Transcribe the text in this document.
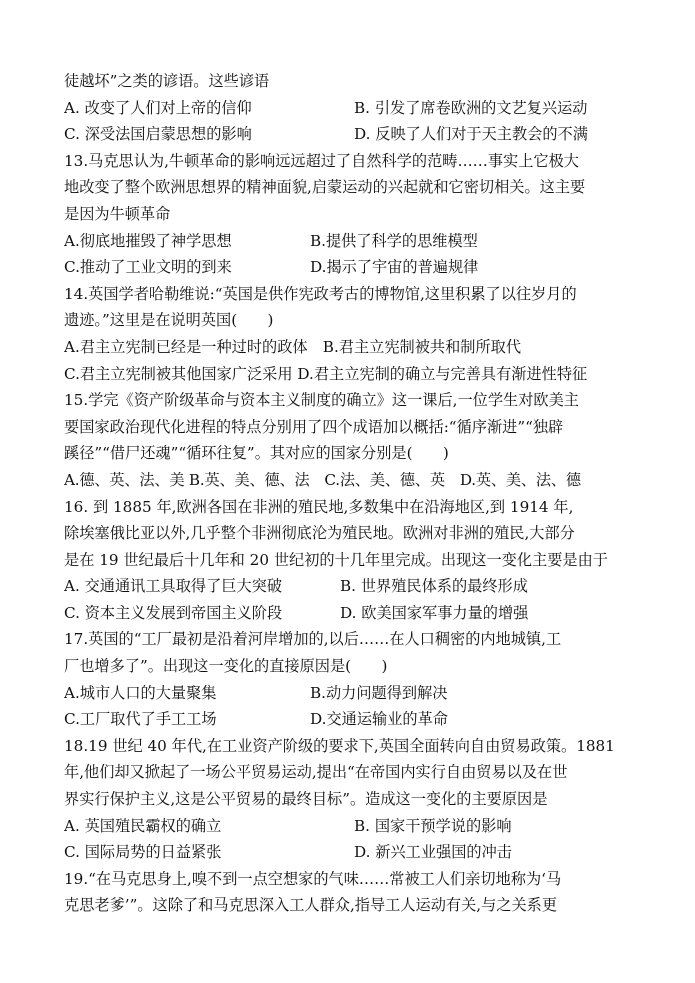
徒越坏”之类的谚语。这些谚语
A. 改变了人们对上帝的信仰	B. 引发了席卷欧洲的文艺复兴运动
C. 深受法国启蒙思想的影响	D. 反映了人们对于天主教会的不满
13.马克思认为,牛顿革命的影响远远超过了自然科学的范畴……事实上它极大
地改变了整个欧洲思想界的精神面貌,启蒙运动的兴起就和它密切相关。这主要
是因为牛顿革命
A.彻底地摧毁了神学思想	B.提供了科学的思维模型
C.推动了工业文明的到来	D.揭示了宇宙的普遍规律
14.英国学者哈勒维说:“英国是供作宪政考古的博物馆,这里积累了以往岁月的
遗迹。”这里是在说明英国(　　)
A.君主立宪制已经是一种过时的政体　B.君主立宪制被共和制所取代
C.君主立宪制被其他国家广泛采用 D.君主立宪制的确立与完善具有渐进性特征
15.学完《资产阶级革命与资本主义制度的确立》这一课后,一位学生对欧美主
要国家政治现代化进程的特点分别用了四个成语加以概括:“循序渐进”“独辟
蹊径”“借尸还魂”“循环往复”。其对应的国家分别是(　　)
A.德、英、法、美 B.英、美、德、法　C.法、美、德、英　D.英、美、法、德
16. 到 1885 年,欧洲各国在非洲的殖民地,多数集中在沿海地区,到 1914 年,
除埃塞俄比亚以外,几乎整个非洲彻底沦为殖民地。欧洲对非洲的殖民,大部分
是在 19 世纪最后十几年和 20 世纪初的十几年里完成。出现这一变化主要是由于
A. 交通通讯工具取得了巨大突破	B. 世界殖民体系的最终形成
C. 资本主义发展到帝国主义阶段	D. 欧美国家军事力量的增强
17.英国的“工厂最初是沿着河岸增加的,以后……在人口稠密的内地城镇,工
厂也增多了”。出现这一变化的直接原因是(　　)
A.城市人口的大量聚集	B.动力问题得到解决
C.工厂取代了手工工场	D.交通运输业的革命
18.19 世纪 40 年代,在工业资产阶级的要求下,英国全面转向自由贸易政策。1881
年,他们却又掀起了一场公平贸易运动,提出“在帝国内实行自由贸易以及在世
界实行保护主义,这是公平贸易的最终目标”。造成这一变化的主要原因是
A. 英国殖民霸权的确立	B. 国家干预学说的影响
C. 国际局势的日益紧张	D. 新兴工业强国的冲击
19.“在马克思身上,嗅不到一点空想家的气味……常被工人们亲切地称为‘马
克思老爹’”。这除了和马克思深入工人群众,指导工人运动有关,与之关系更
